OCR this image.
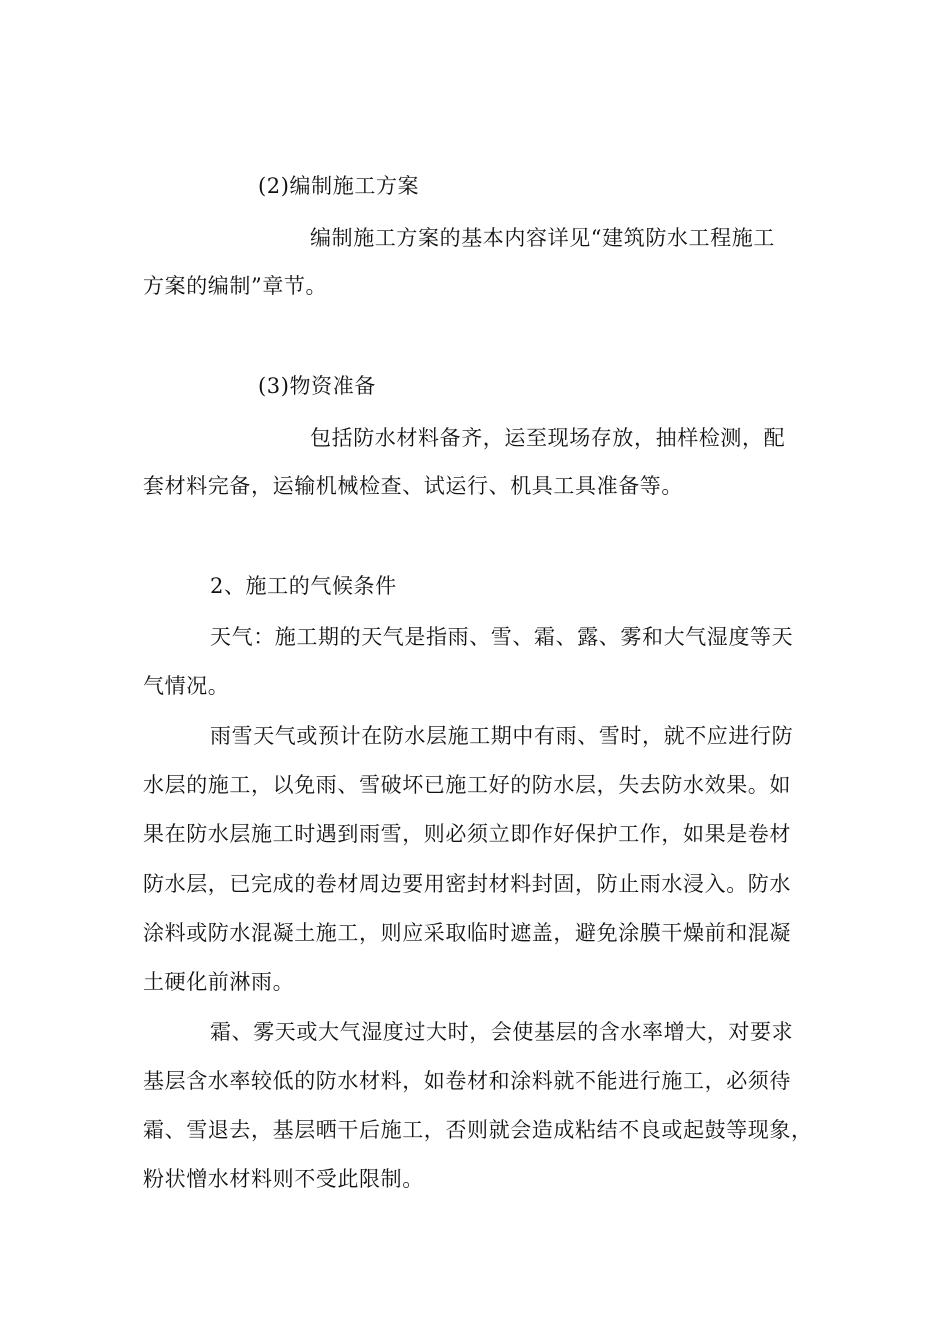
(2)编制施工方案
编制施工方案的基本内容详见“建筑防水工程施工
方案的编制”章节。
(3)物资准备
包括防水材料备齐，运至现场存放，抽样检测，配
套材料完备，运输机械检查、试运行、机具工具准备等。
2、施工的气候条件
天气：施工期的天气是指雨、雪、霜、露、雾和大气湿度等天
气情况。
雨雪天气或预计在防水层施工期中有雨、雪时，就不应进行防
水层的施工，以免雨、雪破坏已施工好的防水层，失去防水效果。如
果在防水层施工时遇到雨雪，则必须立即作好保护工作，如果是卷材
防水层，已完成的卷材周边要用密封材料封固，防止雨水浸入。防水
涂料或防水混凝土施工，则应采取临时遮盖，避免涂膜干燥前和混凝
土硬化前淋雨。
霜、雾天或大气湿度过大时，会使基层的含水率增大，对要求
基层含水率较低的防水材料，如卷材和涂料就不能进行施工，必须待
霜、雪退去，基层晒干后施工，否则就会造成粘结不良或起鼓等现象，
粉状憎水材料则不受此限制。
